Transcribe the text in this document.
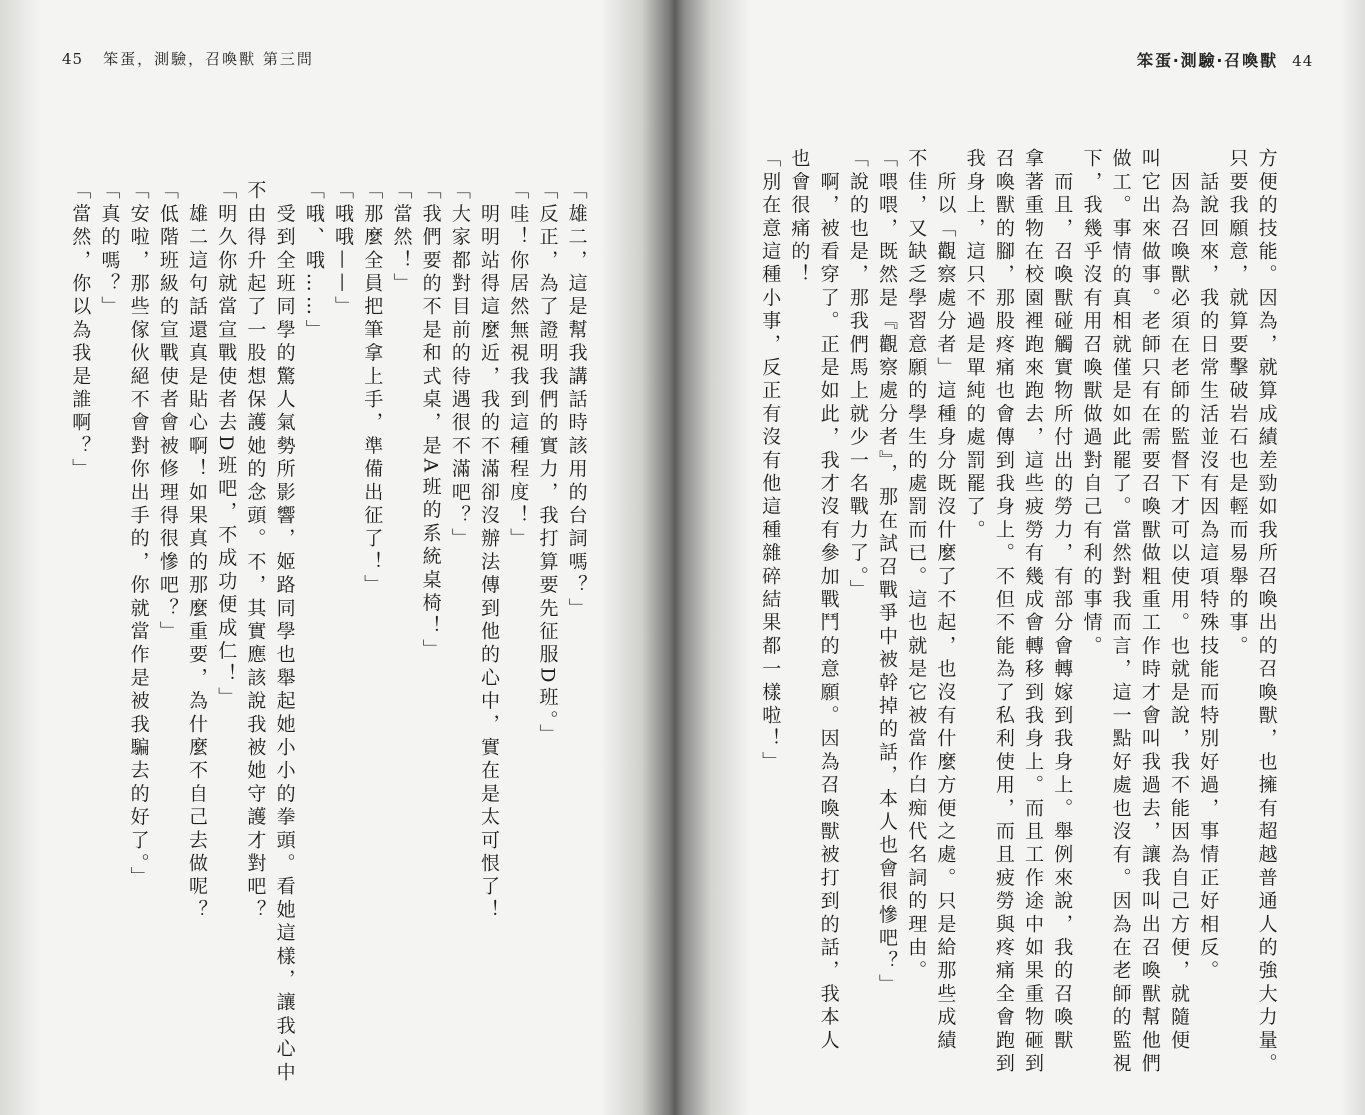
45 笨蛋，測驗，召喚獸 第三問

「雄二，這是幫我講話時該用的台詞嗎？」

「反正，為了證明我們的實力，我打算要先征服D班。」

「哇！你居然無視我到這種程度！」

　明明站得這麼近，我的不滿卻沒辦法傳到他的心中，實在是太可恨了！

「大家都對目前的待遇很不滿吧？」

「我們要的不是和式桌，是A班的系統桌椅！」

「當然！」

「那麼全員把筆拿上手，準備出征了！」

「哦哦——」

「哦、哦……」

　受到全班同學的驚人氣勢所影響，姬路同學也舉起她小小的拳頭。看她這樣，讓我心中

不由得升起了一股想保護她的念頭。不，其實應該說我被她守護才對吧？

「明久你就當宣戰使者去D班吧，不成功便成仁！」

　雄二這句話還真是貼心啊！如果真的那麼重要，為什麼不自己去做呢？

「低階班級的宣戰使者會被修理得很慘吧？」

「安啦，那些傢伙絕不會對你出手的，你就當作是被我騙去的好了。」

「真的嗎？」

「當然，你以為我是誰啊？」

笨蛋‧測驗‧召喚獸 44

方便的技能。因為，就算成績差勁如我所召喚出的召喚獸，也擁有超越普通人的強大力量。

只要我願意，就算要擊破岩石也是輕而易舉的事。

　話說回來，我的日常生活並沒有因為這項特殊技能而特別好過，事情正好相反。

　因為召喚獸必須在老師的監督下才可以使用。也就是說，我不能因為自己方便，就隨便

叫它出來做事。老師只有在需要召喚獸做粗重工作時才會叫我過去，讓我叫出召喚獸幫他們

做工。事情的真相就僅是如此罷了。當然對我而言，這一點好處也沒有。因為在老師的監視

下，我幾乎沒有用召喚獸做過對自己有利的事情。

　而且，召喚獸碰觸實物所付出的勞力，有部分會轉嫁到我身上。舉例來說，我的召喚獸

拿著重物在校園裡跑來跑去，這些疲勞有幾成會轉移到我身上。而且工作途中如果重物砸到

召喚獸的腳，那股疼痛也會傳到我身上。不但不能為了私利使用，而且疲勞與疼痛全會跑到

我身上，這只不過是單純的處罰罷了。

　所以「觀察處分者」這種身分既沒什麼了不起，也沒有什麼方便之處。只是給那些成績

不佳，又缺乏學習意願的學生的處罰而已。這也就是它被當作白痴代名詞的理由。

「喂喂，既然是『觀察處分者』，那在試召戰爭中被幹掉的話，本人也會很慘吧？」

「說的也是，那我們馬上就少一名戰力了。」

　啊，被看穿了。正是如此，我才沒有參加戰鬥的意願。因為召喚獸被打到的話，我本人

也會很痛的！

「別在意這種小事，反正有沒有他這種雜碎結果都一樣啦！」
